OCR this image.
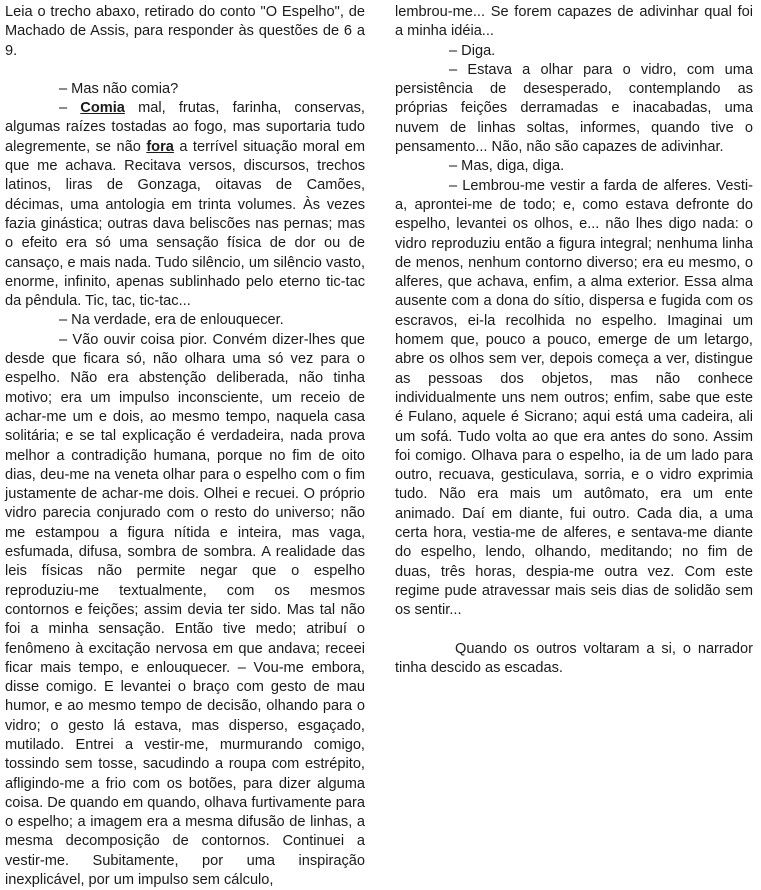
Leia o trecho abaxo, retirado do conto "O Espelho", de Machado de Assis, para responder às questões de 6 a 9.

– Mas não comia?

– Comia mal, frutas, farinha, conservas, algumas raízes tostadas ao fogo, mas suportaria tudo alegremente, se não fora a terrível situação moral em que me achava. Recitava versos, discursos, trechos latinos, liras de Gonzaga, oitavas de Camões, décimas, uma antologia em trinta volumes. Às vezes fazia ginástica; outras dava beliscões nas pernas; mas o efeito era só uma sensação física de dor ou de cansaço, e mais nada. Tudo silêncio, um silêncio vasto, enorme, infinito, apenas sublinhado pelo eterno tic-tac da pêndula. Tic, tac, tic-tac...

– Na verdade, era de enlouquecer.

– Vão ouvir coisa pior. Convém dizer-lhes que desde que ficara só, não olhara uma só vez para o espelho. Não era abstenção deliberada, não tinha motivo; era um impulso inconsciente, um receio de achar-me um e dois, ao mesmo tempo, naquela casa solitária; e se tal explicação é verdadeira, nada prova melhor a contradição humana, porque no fim de oito dias, deu-me na veneta olhar para o espelho com o fim justamente de achar-me dois. Olhei e recuei. O próprio vidro parecia conjurado com o resto do universo; não me estampou a figura nítida e inteira, mas vaga, esfumada, difusa, sombra de sombra. A realidade das leis físicas não permite negar que o espelho reproduziu-me textualmente, com os mesmos contornos e feições; assim devia ter sido. Mas tal não foi a minha sensação. Então tive medo; atribuí o fenômeno à excitação nervosa em que andava; receei ficar mais tempo, e enlouquecer. – Vou-me embora, disse comigo. E levantei o braço com gesto de mau humor, e ao mesmo tempo de decisão, olhando para o vidro; o gesto lá estava, mas disperso, esgaçado, mutilado. Entrei a vestir-me, murmurando comigo, tossindo sem tosse, sacudindo a roupa com estrépito, afligindo-me a frio com os botões, para dizer alguma coisa. De quando em quando, olhava furtivamente para o espelho; a imagem era a mesma difusão de linhas, a mesma decomposição de contornos. Continuei a vestir-me. Subitamente, por uma inspiração inexplicável, por um impulso sem cálculo,

lembrou-me... Se forem capazes de adivinhar qual foi a minha idéia...

– Diga.

– Estava a olhar para o vidro, com uma persistência de desesperado, contemplando as próprias feições derramadas e inacabadas, uma nuvem de linhas soltas, informes, quando tive o pensamento... Não, não são capazes de adivinhar.

– Mas, diga, diga.

– Lembrou-me vestir a farda de alferes. Vesti-a, aprontei-me de todo; e, como estava defronte do espelho, levantei os olhos, e... não lhes digo nada: o vidro reproduziu então a figura integral; nenhuma linha de menos, nenhum contorno diverso; era eu mesmo, o alferes, que achava, enfim, a alma exterior. Essa alma ausente com a dona do sítio, dispersa e fugida com os escravos, ei-la recolhida no espelho. Imaginai um homem que, pouco a pouco, emerge de um letargo, abre os olhos sem ver, depois começa a ver, distingue as pessoas dos objetos, mas não conhece individualmente uns nem outros; enfim, sabe que este é Fulano, aquele é Sicrano; aqui está uma cadeira, ali um sofá. Tudo volta ao que era antes do sono. Assim foi comigo. Olhava para o espelho, ia de um lado para outro, recuava, gesticulava, sorria, e o vidro exprimia tudo. Não era mais um autômato, era um ente animado. Daí em diante, fui outro. Cada dia, a uma certa hora, vestia-me de alferes, e sentava-me diante do espelho, lendo, olhando, meditando; no fim de duas, três horas, despia-me outra vez. Com este regime pude atravessar mais seis dias de solidão sem os sentir...

Quando os outros voltaram a si, o narrador tinha descido as escadas.
